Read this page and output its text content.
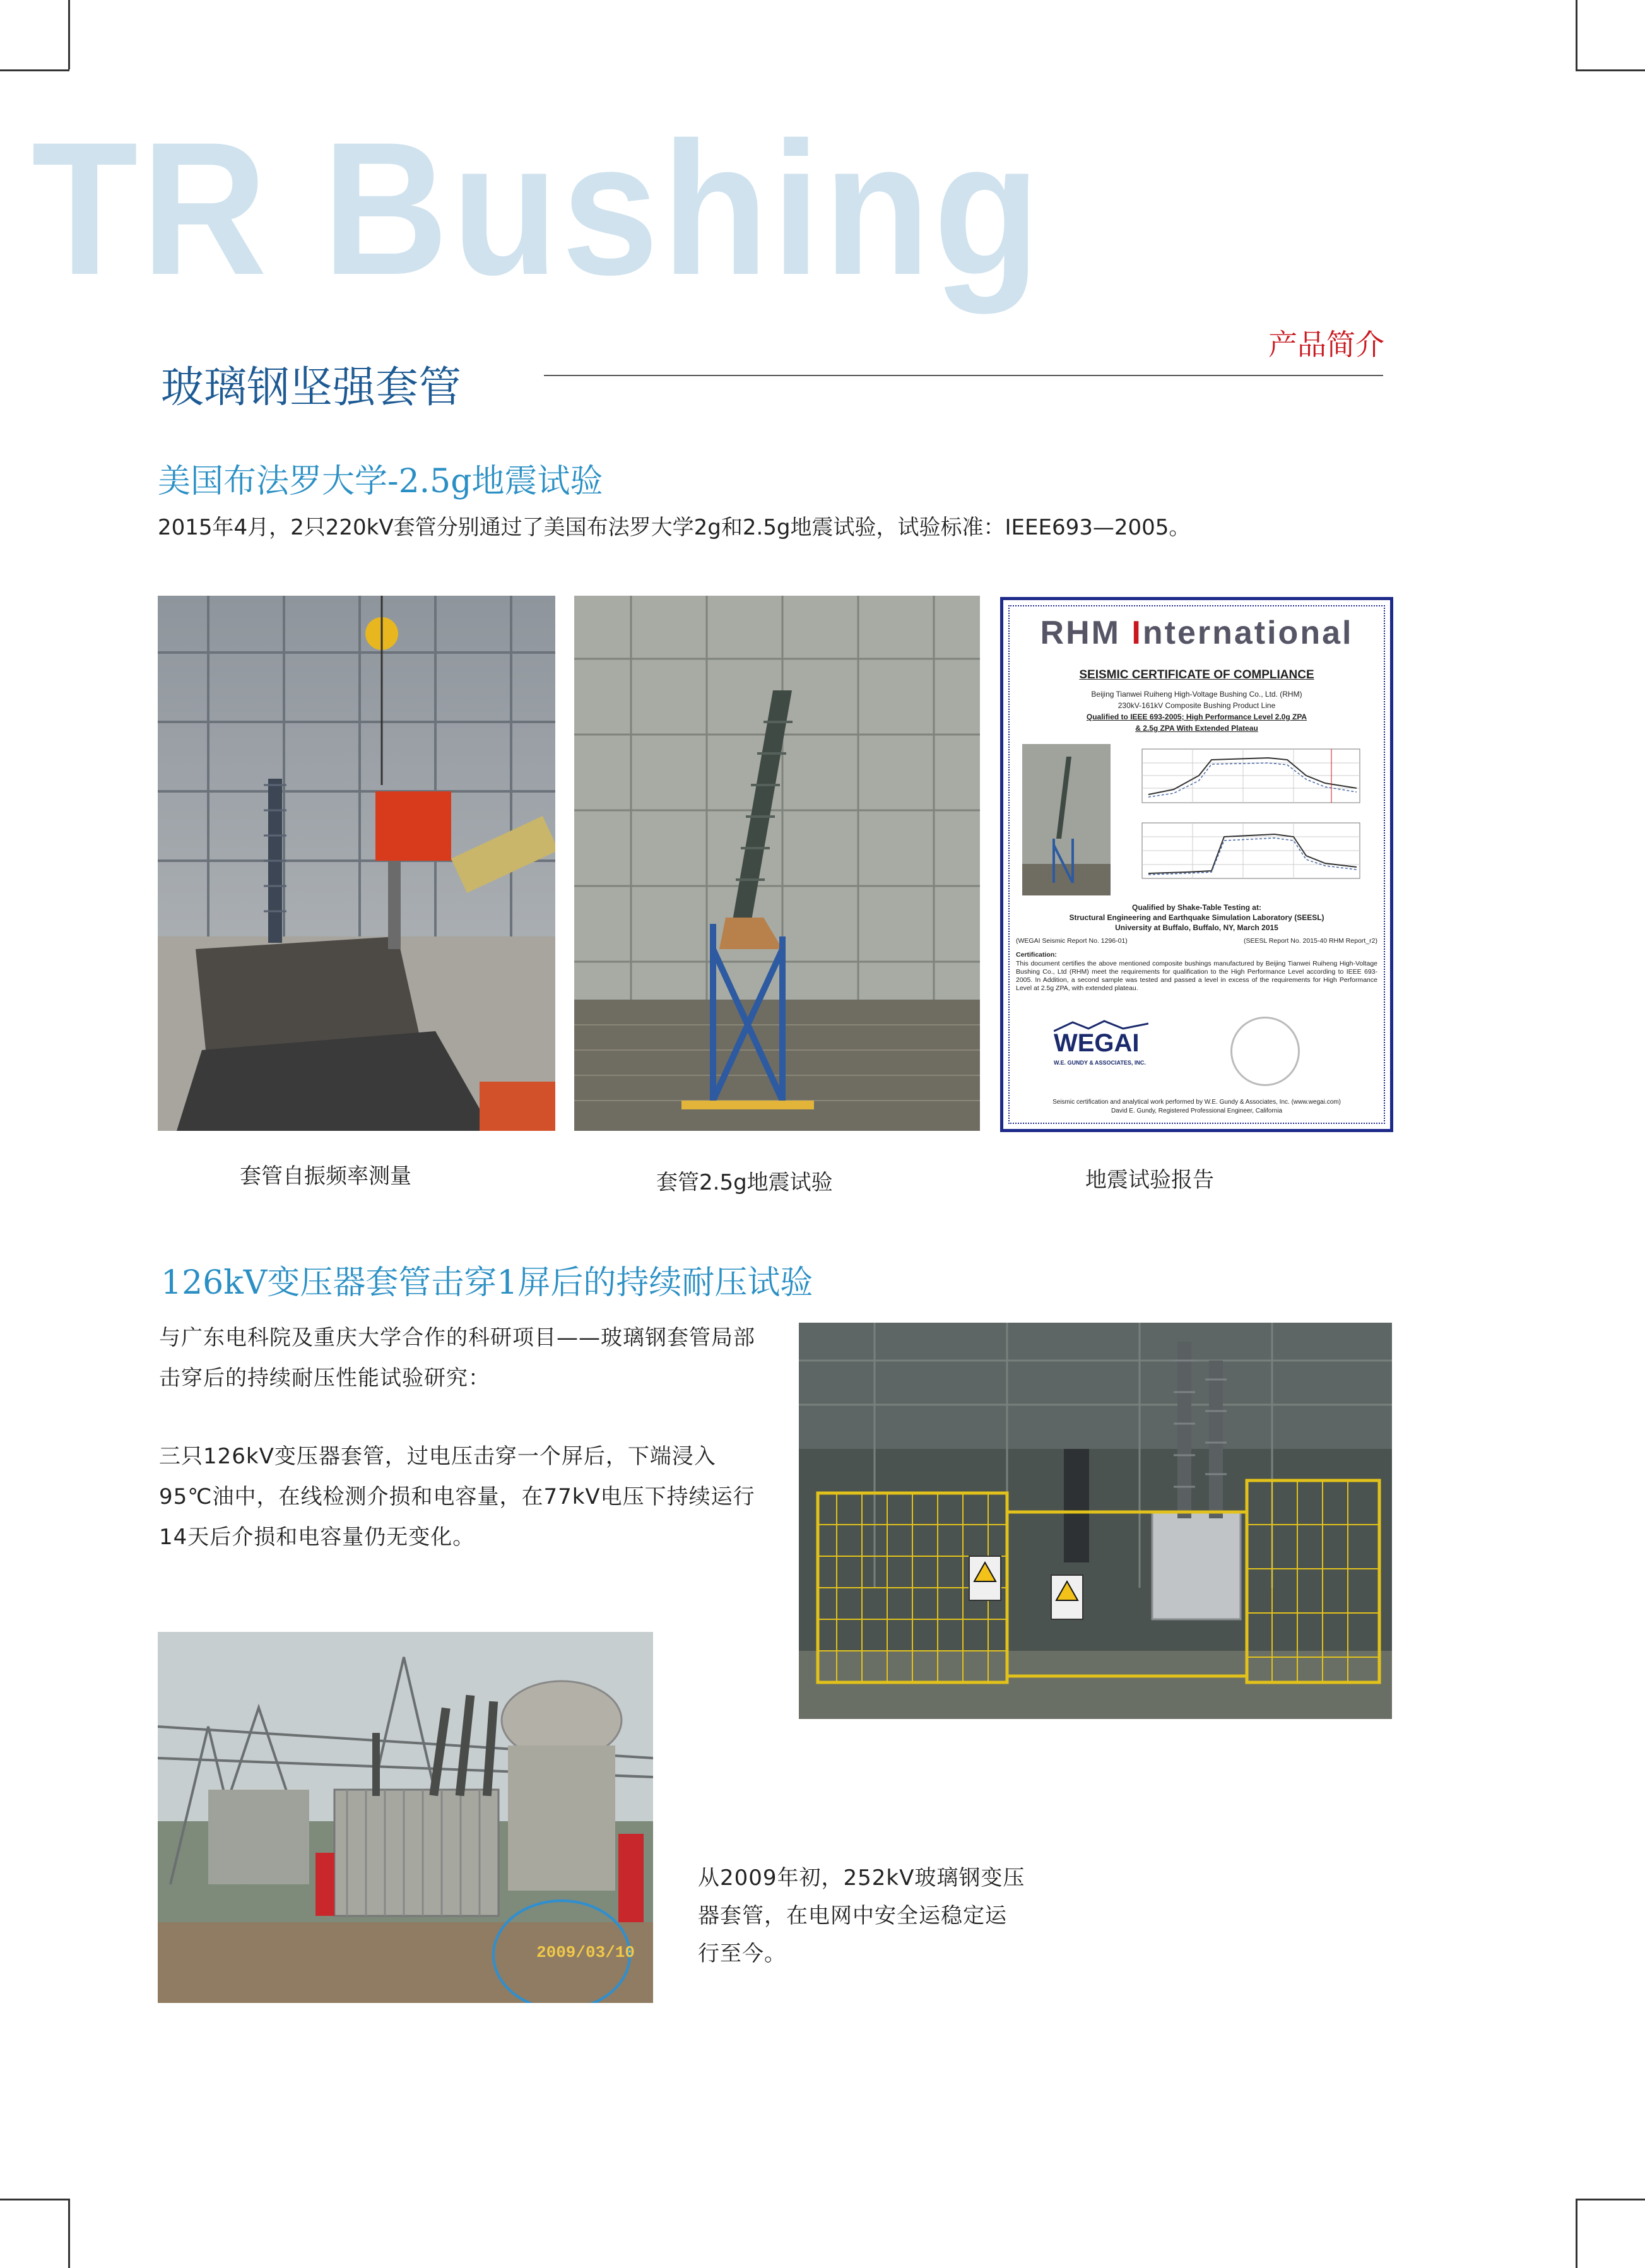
TR Bushing
产品简介
玻璃钢坚强套管
美国布法罗大学-2.5g地震试验
2015年4月，2只220kV套管分别通过了美国布法罗大学2g和2.5g地震试验，试验标准：IEEE693—2005。
RHM International
SEISMIC CERTIFICATE OF COMPLIANCE
Beijing Tianwei Ruiheng High-Voltage Bushing Co., Ltd. (RHM)
230kV-161kV Composite Bushing Product Line
Qualified to IEEE 693-2005; High Performance Level 2.0g ZPA
& 2.5g ZPA With Extended Plateau
Qualified by Shake-Table Testing at:
Structural Engineering and Earthquake Simulation Laboratory (SEESL)
University at Buffalo, Buffalo, NY, March 2015
(WEGAI Seismic Report No. 1296-01)	(SEESL Report No. 2015-40 RHM Report_r2)
Certification:
This document certifies the above mentioned composite bushings manufactured by Beijing Tianwei Ruiheng High-Voltage Bushing Co., Ltd (RHM) meet the requirements for qualification to the High Performance Level according to IEEE 693-2005. In Addition, a second sample was tested and passed a level in excess of the requirements for High Performance Level at 2.5g ZPA, with extended plateau.
WEGAI
W.E. GUNDY & ASSOCIATES, INC.
Seismic certification and analytical work performed by W.E. Gundy & Associates, Inc. (www.wegai.com)
David E. Gundy, Registered Professional Engineer, California
套管自振频率测量	套管2.5g地震试验	地震试验报告
126kV变压器套管击穿1屏后的持续耐压试验
与广东电科院及重庆大学合作的科研项目——玻璃钢套管局部击穿后的持续耐压性能试验研究：
三只126kV变压器套管，过电压击穿一个屏后，下端浸入95℃油中，在线检测介损和电容量，在77kV电压下持续运行14天后介损和电容量仍无变化。
2009/03/10
从2009年初，252kV玻璃钢变压器套管，在电网中安全运稳定运行至今。
